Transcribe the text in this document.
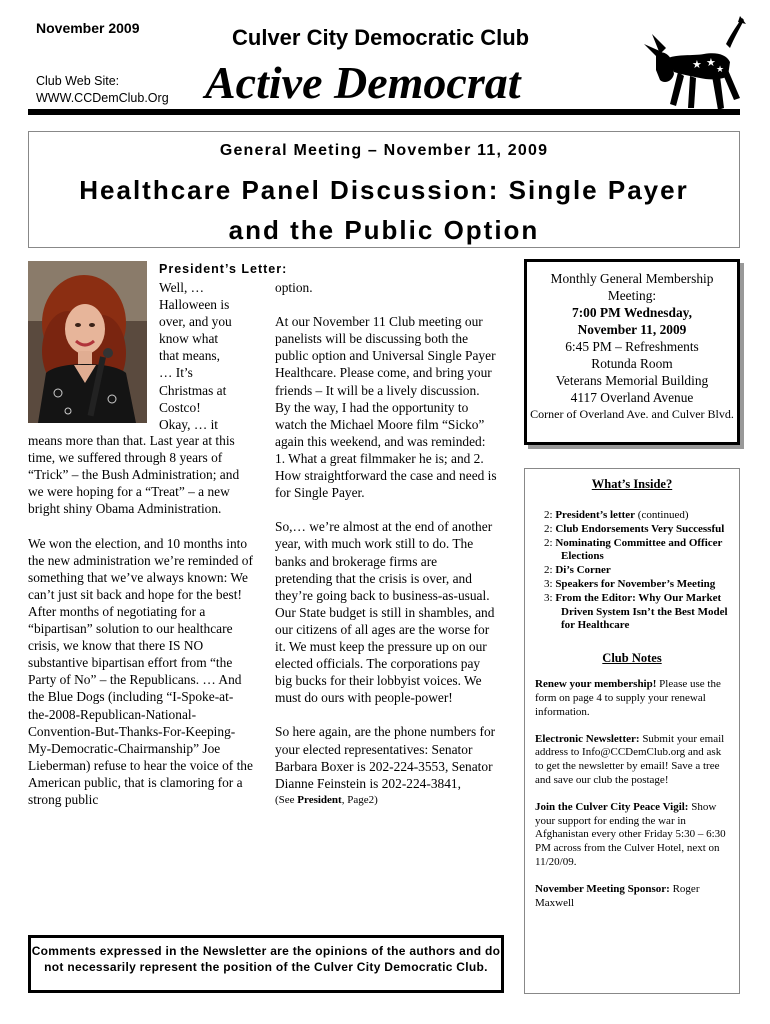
November 2009	Culver City Democratic Club
Club Web Site:
WWW.CCDemClub.Org Active Democrat	★ ★
★
General Meeting – November 11, 2009
Healthcare Panel Discussion: Single Payer
and the Public Option
President’s Letter:
Well, …
Halloween is
over, and you
know what
that means,
… It’s
Christmas at
Costco!
Okay, … it

means more than that. Last year at this time, we suffered through 8 years of “Trick” – the Bush Administration; and we were hoping for a “Treat” – a new bright shiny Obama Administration.

We won the election, and 10 months into the new administration we’re reminded of something that we’ve always known: We can’t just sit back and hope for the best! After months of negotiating for a “bipartisan” solution to our healthcare crisis, we know that there IS NO substantive bipartisan effort from “the Party of No” – the Republicans. … And the Blue Dogs (including “I-Spoke-at-the-2008-Republican-National-Convention-But-Thanks-For-Keeping-My-Democratic-Chairmanship” Joe Lieberman) refuse to hear the voice of the American public, that is clamoring for a strong public

option.

At our November 11 Club meeting our panelists will be discussing both the public option and Universal Single Payer Healthcare. Please come, and bring your friends – It will be a lively discussion. By the way, I had the opportunity to watch the Michael Moore film “Sicko” again this weekend, and was reminded: 1. What a great filmmaker he is; and 2. How straightforward the case and need is for Single Payer.

So,… we’re almost at the end of another year, with much work still to do. The banks and brokerage firms are pretending that the crisis is over, and they’re going back to business-as-usual. Our State budget is still in shambles, and our citizens of all ages are the worse for it. We must keep the pressure up on our elected officials. The corporations pay big bucks for their lobbyist voices. We must do ours with people-power!

So here again, are the phone numbers for your elected representatives: Senator Barbara Boxer is 202-224-3553, Senator Dianne Feinstein is 202-224-3841,

(See President, Page2)
Comments expressed in the Newsletter are the opinions of the authors and do not necessarily represent the position of the Culver City Democratic Club.
Monthly General Membership Meeting:
7:00 PM Wednesday,
November 11, 2009
6:45 PM – Refreshments
Rotunda Room
Veterans Memorial Building
4117 Overland Avenue
Corner of Overland Ave. and Culver Blvd.
What’s Inside?
2: President’s letter (continued)
2: Club Endorsements Very Successful
2: Nominating Committee and Officer Elections
2: Di’s Corner
3: Speakers for November’s Meeting
3: From the Editor: Why Our Market Driven System Isn’t the Best Model for Healthcare
Club Notes
Renew your membership! Please use the form on page 4 to supply your renewal information.
Electronic Newsletter: Submit your email address to Info@CCDemClub.org and ask to get the newsletter by email! Save a tree and save our club the postage!
Join the Culver City Peace Vigil: Show your support for ending the war in Afghanistan every other Friday 5:30 – 6:30 PM across from the Culver Hotel, next on 11/20/09.
November Meeting Sponsor: Roger Maxwell
